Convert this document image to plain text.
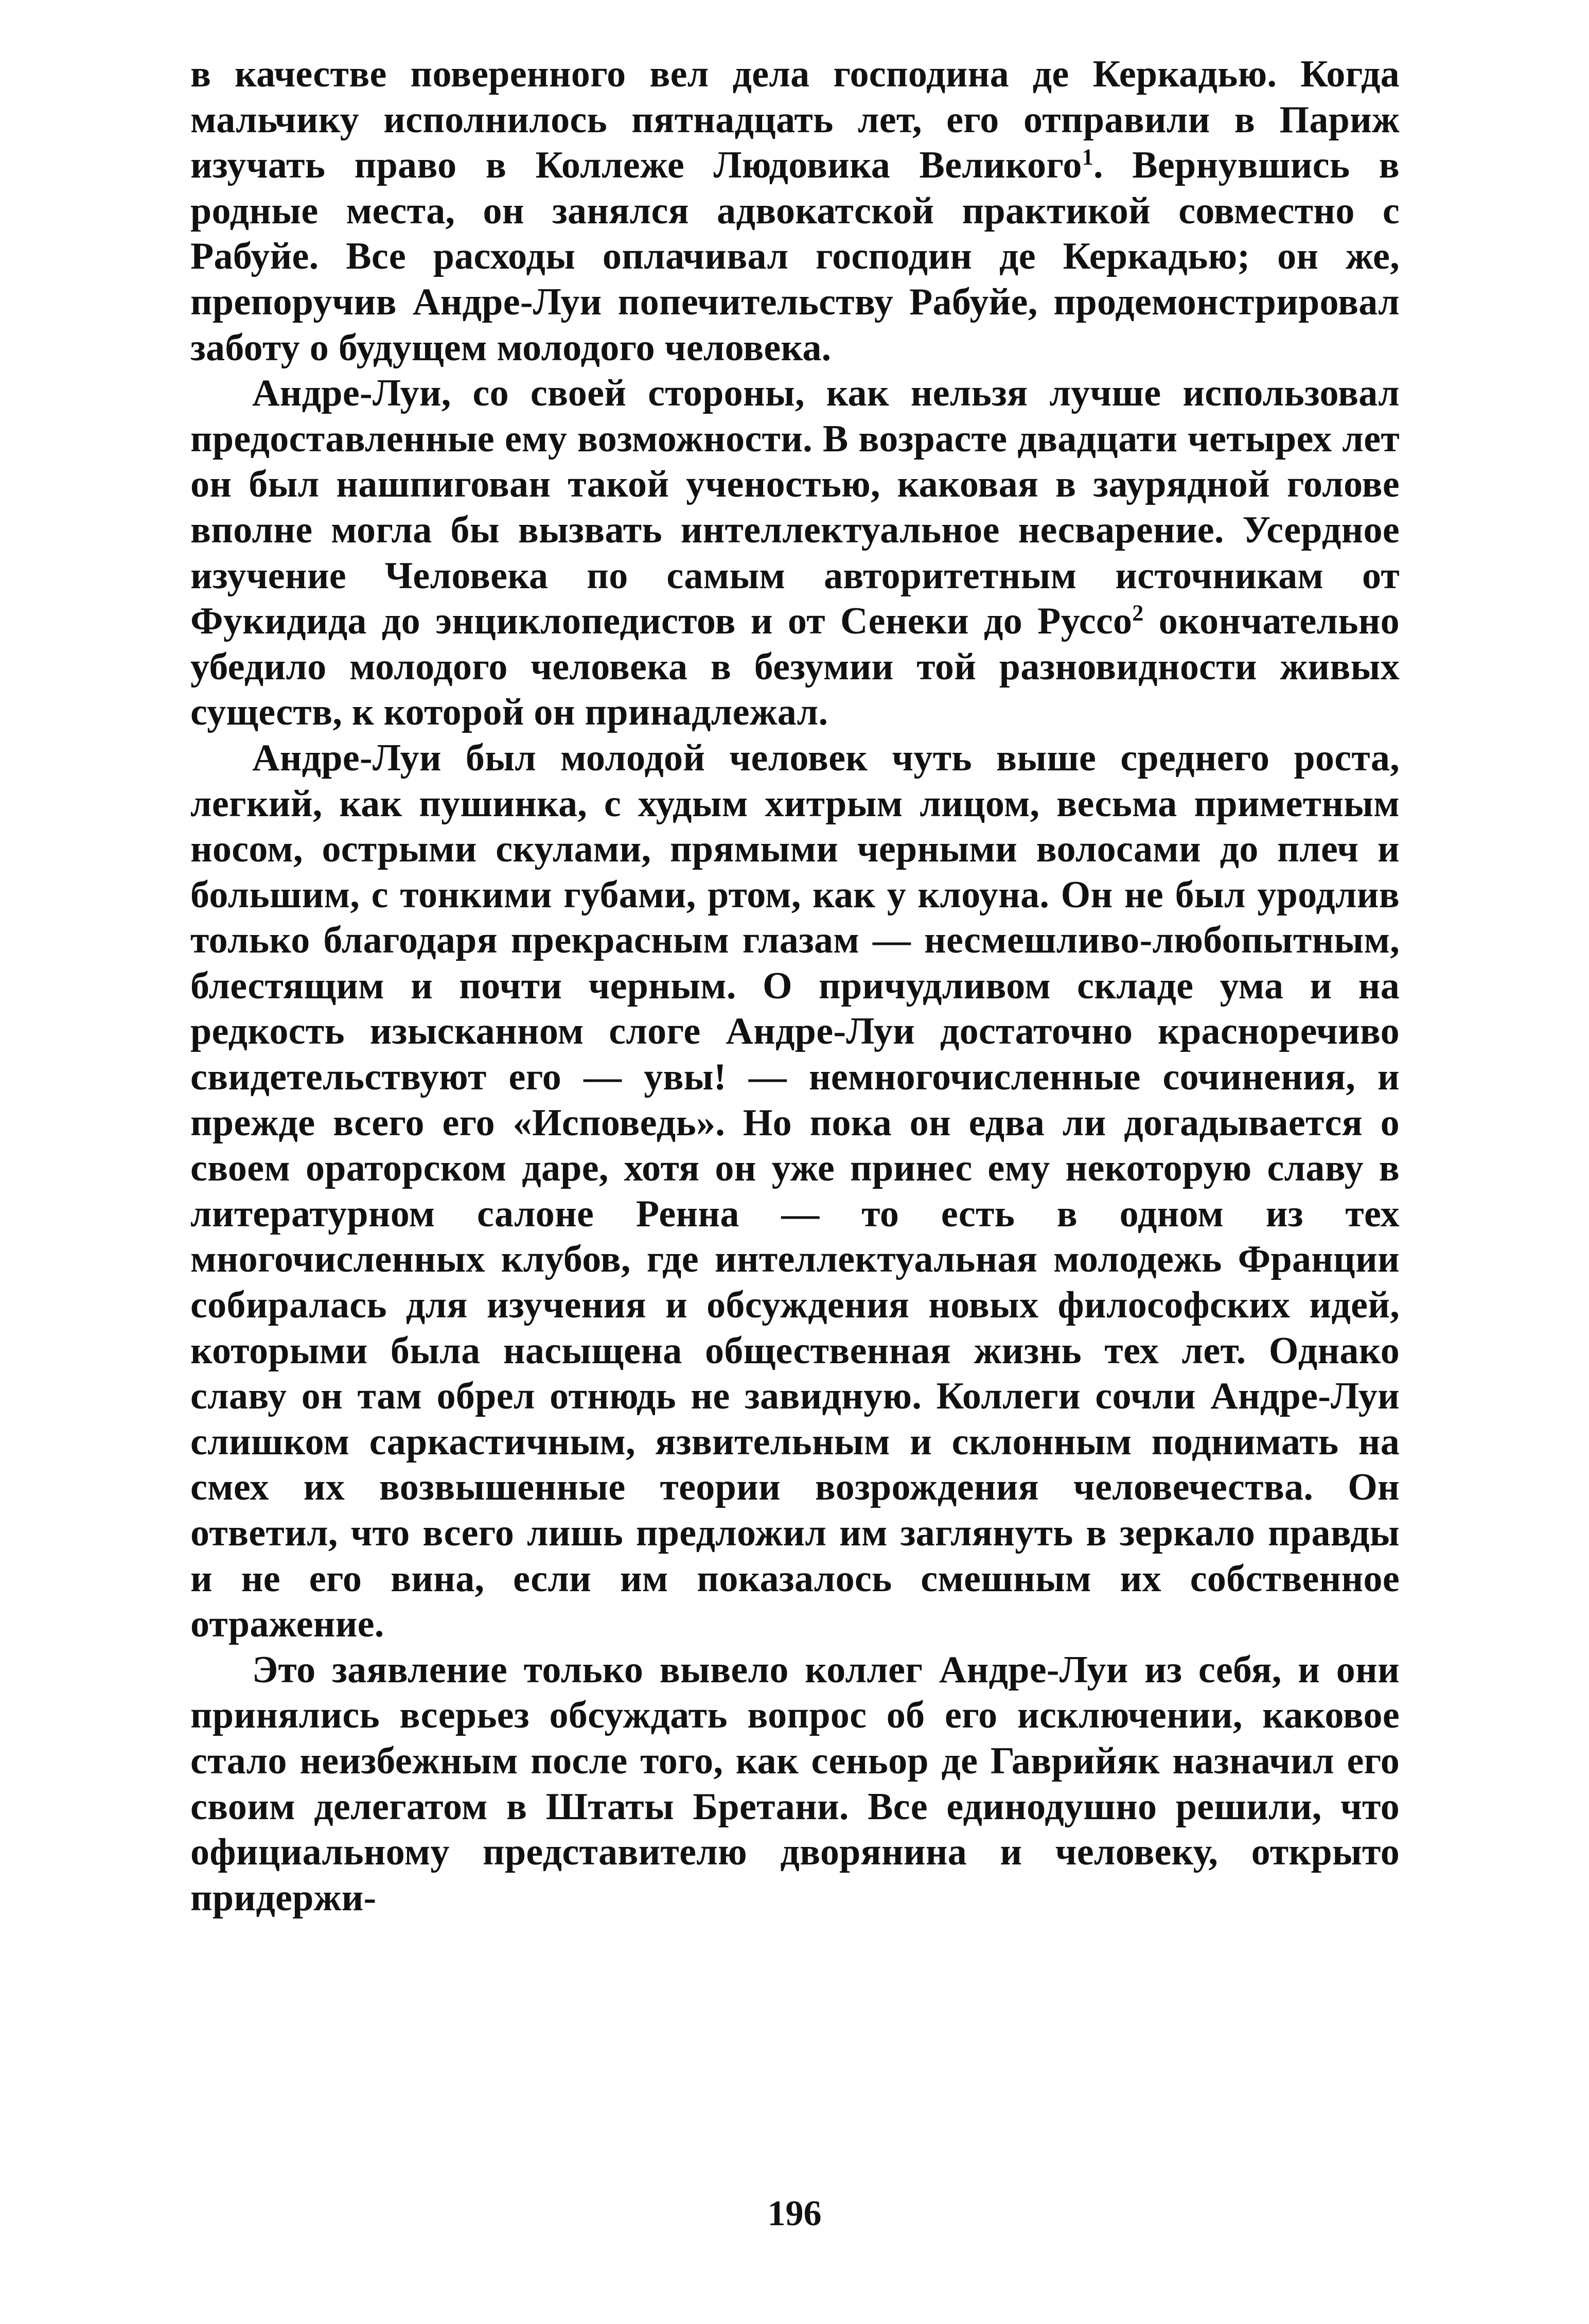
в качестве поверенного вел дела господина де Керкадью. Когда мальчику исполнилось пятнадцать лет, его отправили в Париж изучать право в Коллеже Людовика Великого$^1$. Вернувшись в родные места, он занялся адвокатской практикой совместно с Рабуйе. Все расходы оплачивал господин де Керкадью; он же, препоручив Андре-Луи попечительству Рабуйе, продемонстрировал заботу о будущем молодого человека.

Андре-Луи, со своей стороны, как нельзя лучше использовал предоставленные ему возможности. В возрасте двадцати четырех лет он был нашпигован такой ученостью, каковая в заурядной голове вполне могла бы вызвать интеллектуальное несварение. Усердное изучение Человека по самым авторитетным источникам от Фукидида до энциклопедистов и от Сенеки до Руссо$^2$ окончательно убедило молодого человека в безумии той разновидности живых существ, к которой он принадлежал.

Андре-Луи был молодой человек чуть выше среднего роста, легкий, как пушинка, с худым хитрым лицом, весьма приметным носом, острыми скулами, прямыми черными волосами до плеч и большим, с тонкими губами, ртом, как у клоуна. Он не был уродлив только благодаря прекрасным глазам — несмешливо-любопытным, блестящим и почти черным. О причудливом складе ума и на редкость изысканном слоге Андре-Луи достаточно красноречиво свидетельствуют его — увы! — немногочисленные сочинения, и прежде всего его «Исповедь». Но пока он едва ли догадывается о своем ораторском даре, хотя он уже принес ему некоторую славу в литературном салоне Ренна — то есть в одном из тех многочисленных клубов, где интеллектуальная молодежь Франции собиралась для изучения и обсуждения новых философских идей, которыми была насыщена общественная жизнь тех лет. Однако славу он там обрел отнюдь не завидную. Коллеги сочли Андре-Луи слишком саркастичным, язвительным и склонным поднимать на смех их возвышенные теории возрождения человечества. Он ответил, что всего лишь предложил им заглянуть в зеркало правды и не его вина, если им показалось смешным их собственное отражение.

Это заявление только вывело коллег Андре-Луи из себя, и они принялись всерьез обсуждать вопрос об его исключении, каковое стало неизбежным после того, как сеньор де Гаврийяк назначил его своим делегатом в Штаты Бретани. Все единодушно решили, что официальному представителю дворянина и человеку, открыто придержи-

196
